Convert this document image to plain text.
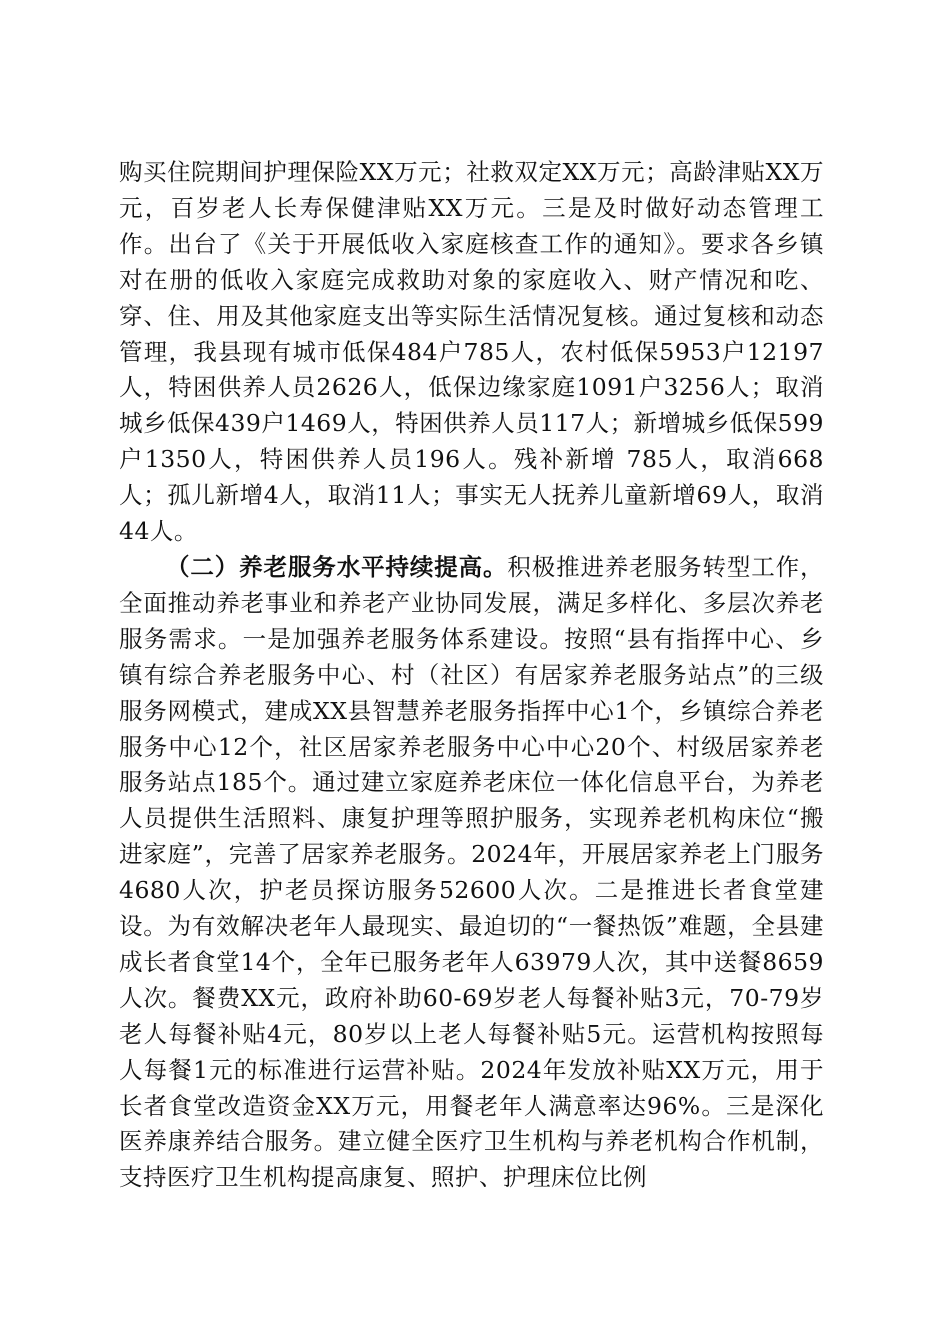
购买住院期间护理保险XX万元；社救双定XX万元；高龄津贴XX万元，百岁老人长寿保健津贴XX万元。三是及时做好动态管理工作。出台了《关于开展低收入家庭核查工作的通知》。要求各乡镇对在册的低收入家庭完成救助对象的家庭收入、财产情况和吃、穿、住、用及其他家庭支出等实际生活情况复核。通过复核和动态管理，我县现有城市低保484户785人，农村低保5953户12197人，特困供养人员2626人，低保边缘家庭1091户3256人；取消城乡低保439户1469人，特困供养人员117人；新增城乡低保599户1350人，特困供养人员196人。残补新增 785人，取消668人；孤儿新增4人，取消11人；事实无人抚养儿童新增69人，取消44人。

（二）养老服务水平持续提高。积极推进养老服务转型工作，全面推动养老事业和养老产业协同发展，满足多样化、多层次养老服务需求。一是加强养老服务体系建设。按照“县有指挥中心、乡镇有综合养老服务中心、村（社区）有居家养老服务站点”的三级服务网模式，建成XX县智慧养老服务指挥中心1个，乡镇综合养老服务中心12个，社区居家养老服务中心中心20个、村级居家养老服务站点185个。通过建立家庭养老床位一体化信息平台，为养老人员提供生活照料、康复护理等照护服务，实现养老机构床位“搬进家庭”，完善了居家养老服务。2024年，开展居家养老上门服务4680人次，护老员探访服务52600人次。二是推进长者食堂建设。为有效解决老年人最现实、最迫切的“一餐热饭”难题，全县建成长者食堂14个，全年已服务老年人63979人次，其中送餐8659人次。餐费XX元，政府补助60-69岁老人每餐补贴3元，70-79岁老人每餐补贴4元，80岁以上老人每餐补贴5元。运营机构按照每人每餐1元的标准进行运营补贴。2024年发放补贴XX万元，用于长者食堂改造资金XX万元，用餐老年人满意率达96%。三是深化医养康养结合服务。建立健全医疗卫生机构与养老机构合作机制，支持医疗卫生机构提高康复、照护、护理床位比例
